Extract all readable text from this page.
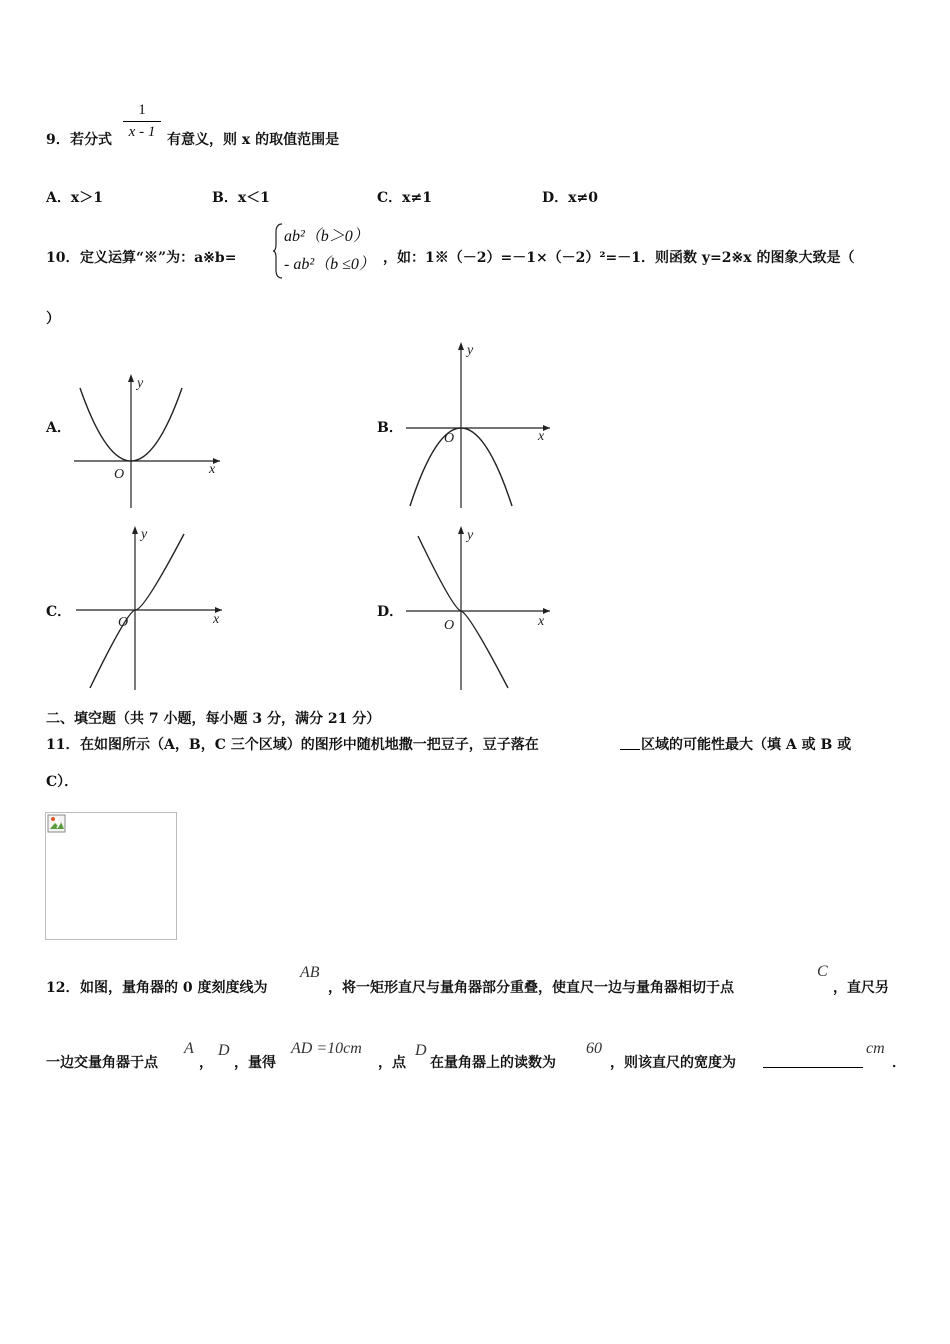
9． 若分式
1
x - 1 有意义，则 x 的取值范围是
A．x＞1	B．x＜1	C．x≠1	D．x≠0
10． 定义运算“※”为：a※b=
ab²（b＞0）
- ab²（b ≤0） ，如：1※（－2）=－1×（－2）²=－1．则函数 y=2※x 的图象大致是（
）
A．	B．
C．	D．
x
y
O
x
y
O
x
y
O	x
y
O
二、填空题（共 7 小题，每小题 3 分，满分 21 分）
11． 在如图所示（A，B，C 三个区域）的图形中随机地撒一把豆子，豆子落在	区域的可能性最大（填 A 或 B 或
C）．
12． 如图，量角器的 0 度刻度线为
AB
，将一矩形直尺与量角器部分重叠，使直尺一边与量角器相切于点
C
，直尺另
一边交量角器于点
A
，
D
，量得
AD =10cm
，点
D
在量角器上的读数为
60
，则该直尺的宽度为
cm
．
